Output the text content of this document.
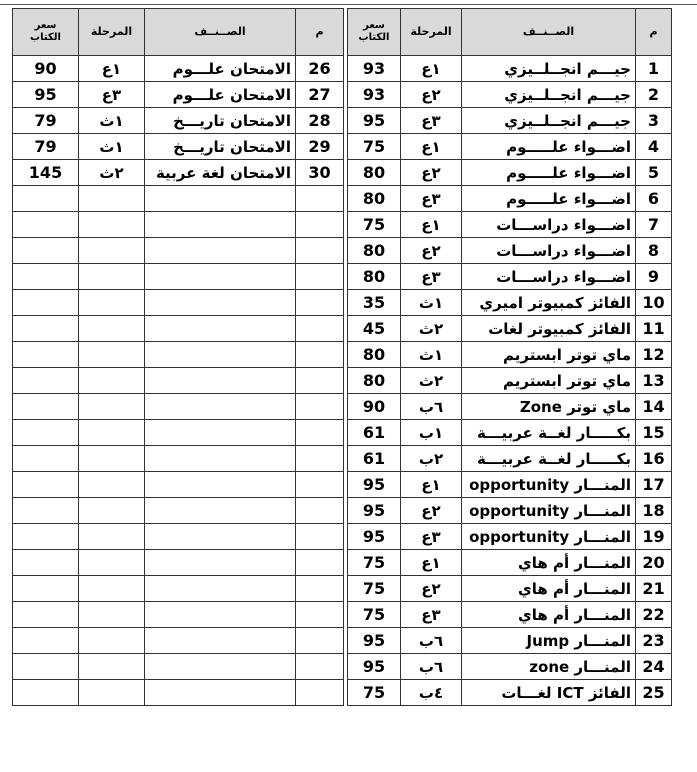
سعر
الكتاب	المرحلة	الصــنــف	م
93	١ع	جيـــم انجــلــيزي	1
93	٢ع	جيـــم انجــلــيزي	2
95	٣ع	جيـــم انجــلــيزي	3
75	١ع	اضـــواء علـــــوم	4
80	٢ع	اضـــواء علـــــوم	5
80	٣ع	اضـــواء علـــــوم	6
75	١ع	اضـــواء دراســـات	7
80	٢ع	اضـــواء دراســـات	8
80	٣ع	اضـــواء دراســـات	9
35	١ث	الفائز كمبيوتر اميري	10
45	٢ث	الفائز كمبيوتر لغات	11
80	١ث	ماي توتر ابستريم	12
80	٢ث	ماي توتر ابستريم	13
90	٦ب	ماي توتر Zone	14
61	١ب	بكـــــار لغــة عربيـــة	15
61	٢ب	بكـــــار لغــة عربيـــة	16
95	١ع	المنـــار opportunity	17
95	٢ع	المنـــار opportunity	18
95	٣ع	المنـــار opportunity	19
75	١ع	المنـــار أم هاي	20
75	٢ع	المنـــار أم هاي	21
75	٣ع	المنـــار أم هاي	22
95	٦ب	المنـــار Jump	23
95	٦ب	المنـــار zone	24
75	٤ب	الفائز ICT لغـــات	25
سعر
الكتاب	المرحلة	الصــنــف	م
90	١ع	الامتحان علـــوم	26
95	٣ع	الامتحان علـــوم	27
79	١ث	الامتحان تاريـــخ	28
79	١ث	الامتحان تاريـــخ	29
145	٢ث	الامتحان لغة عربية	30
